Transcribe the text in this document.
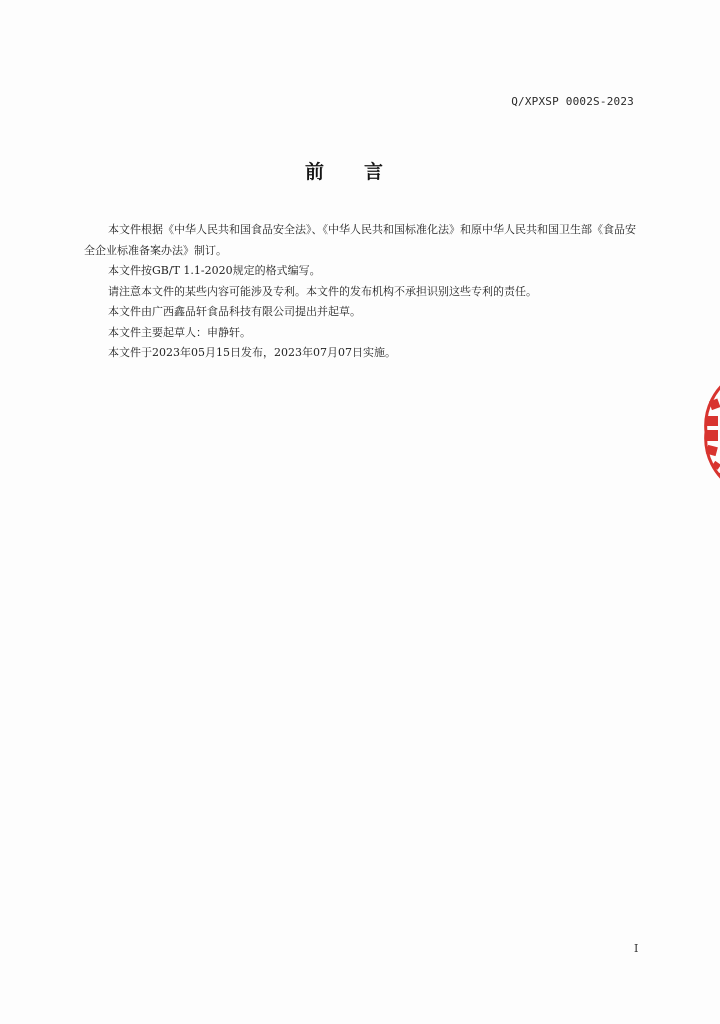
Q/XPXSP 0002S-2023
前言

本文件根据《中华人民共和国食品安全法》、《中华人民共和国标准化法》和原中华人民共和国卫生部《食品安全企业标准备案办法》制订。

本文件按GB/T 1.1-2020规定的格式编写。

请注意本文件的某些内容可能涉及专利。本文件的发布机构不承担识别这些专利的责任。

本文件由广西鑫品轩食品科技有限公司提出并起草。

本文件主要起草人：申静轩。

本文件于2023年05月15日发布，2023年07月07日实施。

I
